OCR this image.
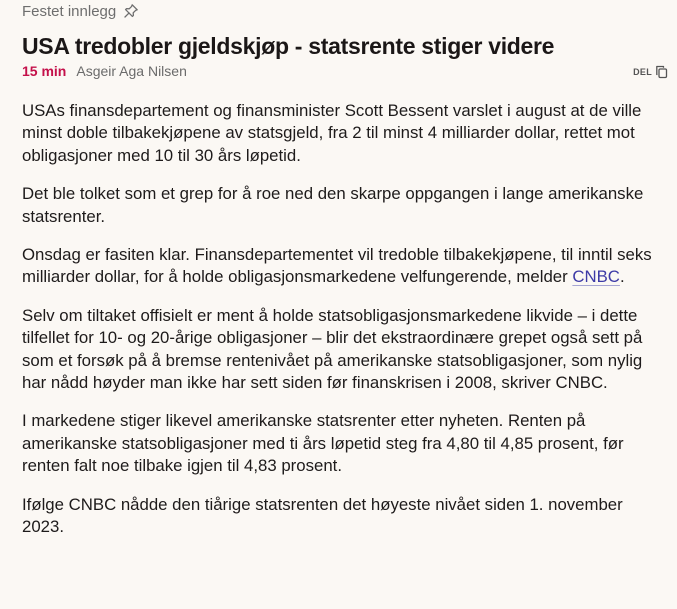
Festet innlegg
USA tredobler gjeldskjøp - statsrente stiger videre
15 min Asgeir Aga Nilsen	DEL

USAs finansdepartement og finansminister Scott Bessent varslet i august at de ville minst doble tilbakekjøpene av statsgjeld, fra 2 til minst 4 milliarder dollar, rettet mot obligasjoner med 10 til 30 års løpetid.

Det ble tolket som et grep for å roe ned den skarpe oppgangen i lange amerikanske statsrenter.

Onsdag er fasiten klar. Finansdepartementet vil tredoble tilbakekjøpene, til inntil seks milliarder dollar, for å holde obligasjonsmarkedene velfungerende, melder CNBC.

Selv om tiltaket offisielt er ment å holde statsobligasjonsmarkedene likvide – i dette tilfellet for 10- og 20-årige obligasjoner – blir det ekstraordinære grepet også sett på som et forsøk på å bremse rentenivået på amerikanske statsobligasjoner, som nylig har nådd høyder man ikke har sett siden før finanskrisen i 2008, skriver CNBC.

I markedene stiger likevel amerikanske statsrenter etter nyheten. Renten på amerikanske statsobligasjoner med ti års løpetid steg fra 4,80 til 4,85 prosent, før renten falt noe tilbake igjen til 4,83 prosent.

Ifølge CNBC nådde den tiårige statsrenten det høyeste nivået siden 1. november 2023.
